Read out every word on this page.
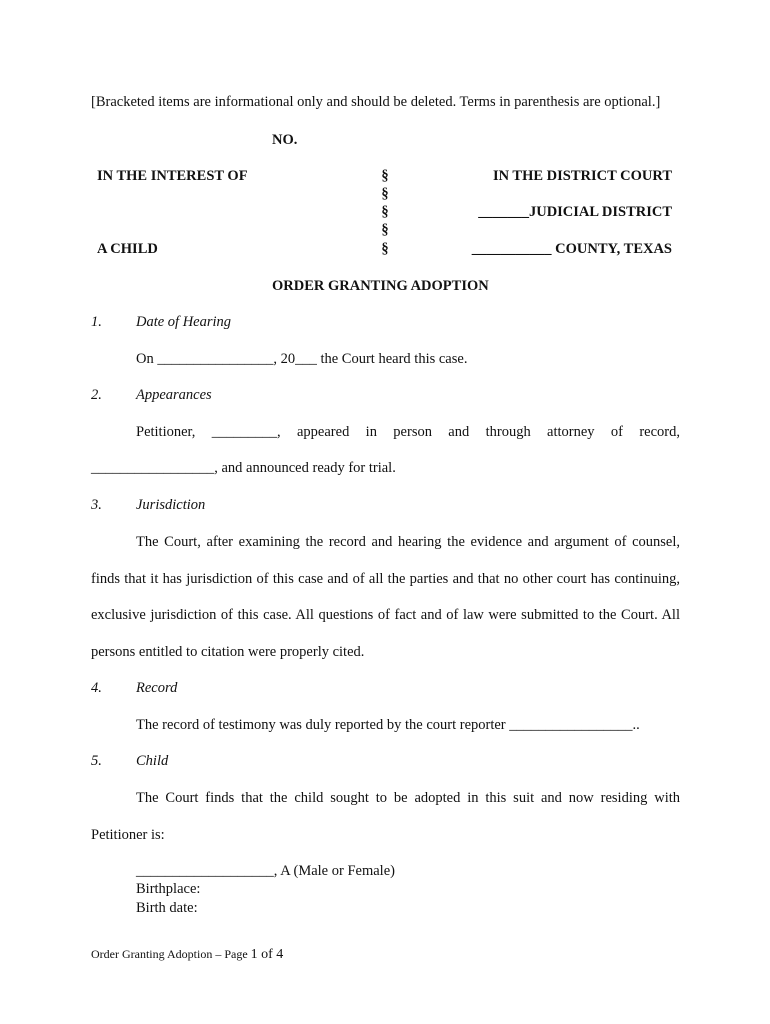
[Bracketed items are informational only and should be deleted. Terms in parenthesis are optional.]
NO.
IN THE INTEREST OF
A CHILD
§
§
§
§
§
IN THE DISTRICT COURT
_______JUDICIAL DISTRICT
___________ COUNTY, TEXAS
ORDER GRANTING ADOPTION
1. Date of Hearing
On ________________, 20___ the Court heard this case.
2. Appearances
Petitioner, _________, appeared in person and through attorney of record,
_________________, and announced ready for trial.
3. Jurisdiction
The Court, after examining the record and hearing the evidence and argument of counsel,
finds that it has jurisdiction of this case and of all the parties and that no other court has continuing,
exclusive jurisdiction of this case. All questions of fact and of law were submitted to the Court. All
persons entitled to citation were properly cited.
4. Record
The record of testimony was duly reported by the court reporter _________________..
5. Child
The Court finds that the child sought to be adopted in this suit and now residing with
Petitioner is:
___________________, A (Male or Female)
Birthplace:
Birth date:
Order Granting Adoption – Page 1 of 4
